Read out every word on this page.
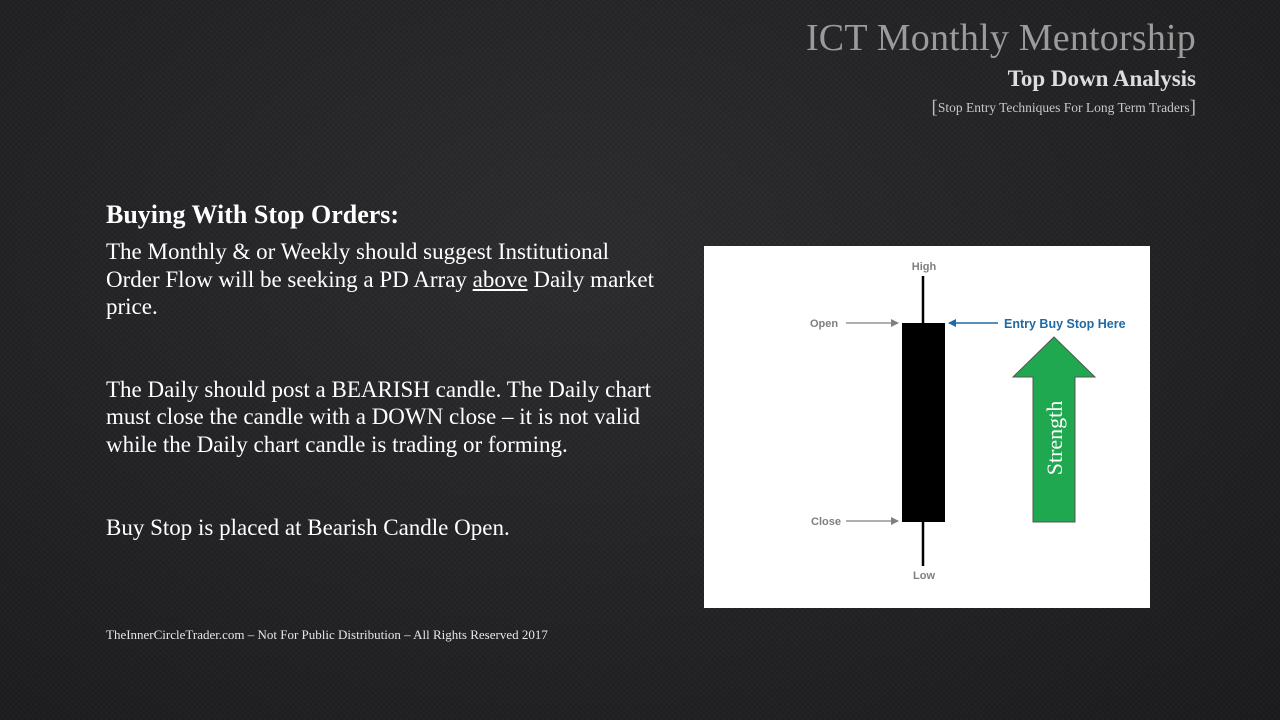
ICT Monthly Mentorship
Top Down Analysis
[Stop Entry Techniques For Long Term Traders]
Buying With Stop Orders:

The Monthly & or Weekly should suggest Institutional Order Flow will be seeking a PD Array above Daily market price.

The Daily should post a BEARISH candle. The Daily chart must close the candle with a DOWN close – it is not valid while the Daily chart candle is trading or forming.

Buy Stop is placed at Bearish Candle Open.

TheInnerCircleTrader.com – Not For Public Distribution – All Rights Reserved 2017
High
Low
Open
Close
Entry Buy Stop Here
Strength
